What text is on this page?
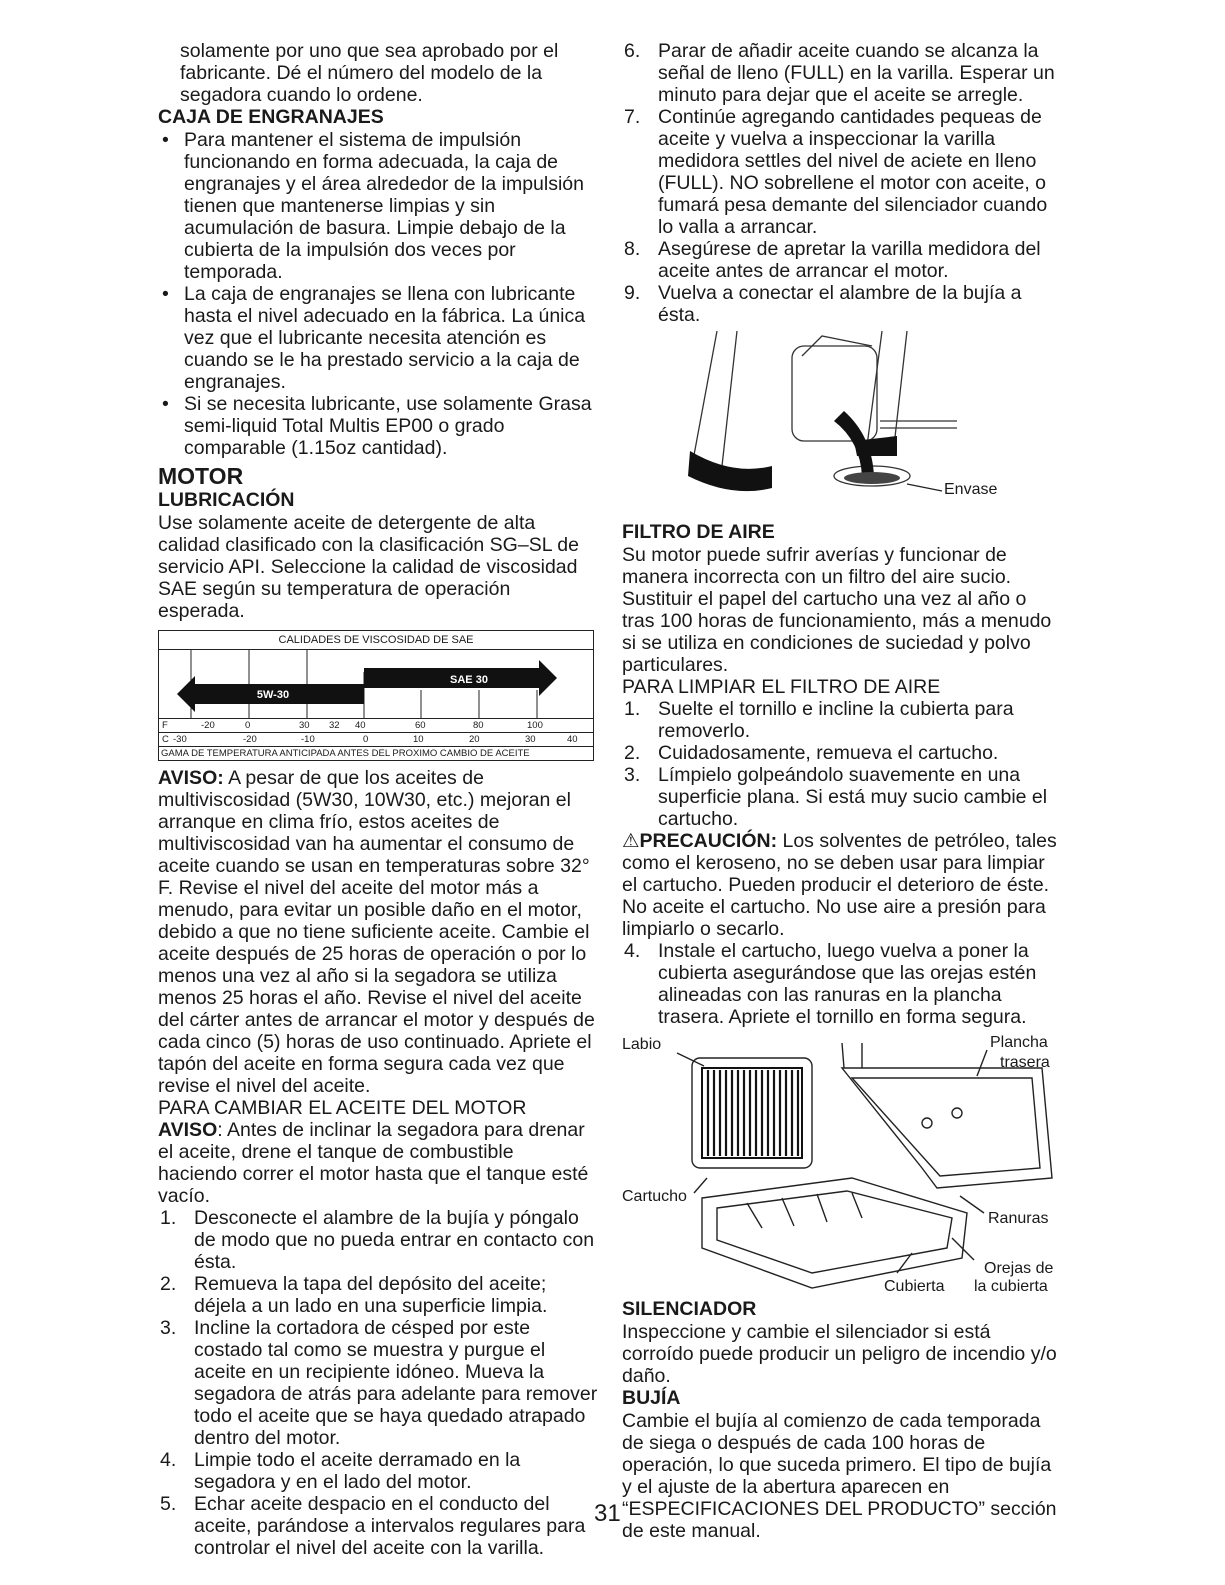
solamente por uno que sea aprobado por el fabricante. Dé el número del modelo de la segadora cuando lo ordene.

CAJA DE ENGRANAJES

• Para mantener el sistema de impulsión funcionando en forma adecuada, la caja de engranajes y el área alrededor de la impulsión tienen que mantenerse limpias y sin acumulación de basura. Limpie debajo de la cubierta de la impulsión dos veces por temporada.
• La caja de engranajes se llena con lubricante hasta el nivel adecuado en la fábrica. La única vez que el lubricante necesita atención es cuando se le ha prestado servicio a la caja de engranajes.
• Si se necesita lubricante, use solamente Grasa semi-liquid Total Multis EP00 o grado comparable (1.15oz cantidad).

MOTOR

LUBRICACIÓN

Use solamente aceite de detergente de alta calidad clasificado con la clasificación SG–SL de servicio API. Seleccione la calidad de viscosidad SAE según su temperatura de operación esperada.

CALIDADES DE VISCOSIDAD DE SAE
SAE 30
5W-30
F	-20	0	30 32 40	60	80	100
C -30	-20	-10	0	10	20	30	40
GAMA DE TEMPERATURA ANTICIPADA ANTES DEL PROXIMO CAMBIO DE ACEITE

AVISO: A pesar de que los aceites de multiviscosidad (5W30, 10W30, etc.) mejoran el arranque en clima frío, estos aceites de multiviscosidad van ha aumentar el consumo de aceite cuando se usan en temperaturas sobre 32° F. Revise el nivel del aceite del motor más a menudo, para evitar un posible daño en el motor, debido a que no tiene suficiente aceite. Cambie el aceite después de 25 horas de operación o por lo menos una vez al año si la segadora se utiliza menos 25 horas el año. Revise el nivel del aceite del cárter antes de arrancar el motor y después de cada cinco (5) horas de uso continuado. Apriete el tapón del aceite en forma segura cada vez que revise el nivel del aceite.

PARA CAMBIAR EL ACEITE DEL MOTOR

AVISO: Antes de inclinar la segadora para drenar el aceite, drene el tanque de combustible haciendo correr el motor hasta que el tanque esté vacío.

1. Desconecte el alambre de la bujía y póngalo de modo que no pueda entrar en contacto con ésta.
2. Remueva la tapa del depósito del aceite; déjela a un lado en una superficie limpia.
3. Incline la cortadora de césped por este costado tal como se muestra y purgue el aceite en un recipiente idóneo. Mueva la segadora de atrás para adelante para remover todo el aceite que se haya quedado atrapado dentro del motor.
4. Limpie todo el aceite derramado en la segadora y en el lado del motor.
5. Echar aceite despacio en el conducto del aceite, parándose a intervalos regulares para controlar el nivel del aceite con la varilla.
6. Parar de añadir aceite cuando se alcanza la señal de lleno (FULL) en la varilla. Esperar un minuto para dejar que el aceite se arregle.
7. Continúe agregando cantidades pequeas de aceite y vuelva a inspeccionar la varilla medidora settles del nivel de aciete en lleno (FULL). NO sobrellene el motor con aceite, o fumará pesa demante del silenciador cuando lo valla a arrancar.
8. Asegúrese de apretar la varilla medidora del aceite antes de arrancar el motor.
9. Vuelva a conectar el alambre de la bujía a ésta.
Envase

FILTRO DE AIRE

Su motor puede sufrir averías y funcionar de manera incorrecta con un filtro del aire sucio. Sustituir el papel del cartucho una vez al año o tras 100 horas de funcionamiento, más a menudo si se utiliza en condiciones de suciedad y polvo particulares.

PARA LIMPIAR EL FILTRO DE AIRE

1. Suelte el tornillo e incline la cubierta para removerlo.
2. Cuidadosamente, remueva el cartucho.
3. Límpielo golpeándolo suavemente en una superficie plana. Si está muy sucio cambie el cartucho.

⚠PRECAUCIÓN: Los solventes de petróleo, tales como el keroseno, no se deben usar para limpiar el cartucho. Pueden producir el deterioro de éste. No aceite el cartucho. No use aire a presión para limpiarlo o secarlo.

4. Instale el cartucho, luego vuelva a poner la cubierta asegurándose que las orejas estén alineadas con las ranuras en la plancha trasera. Apriete el tornillo en forma segura.
Labio	Plancha
trasera
Cartucho
Ranuras
Orejas de
la cubierta
Cubierta

SILENCIADOR

Inspeccione y cambie el silenciador si está corroído puede producir un peligro de incendio y/o daño.

BUJÍA

Cambie el bujía al comienzo de cada temporada de siega o después de cada 100 horas de operación, lo que suceda primero. El tipo de bujía y el ajuste de la abertura aparecen en “ESPECIFICACIONES DEL PRODUCTO” sección de este manual.

31
